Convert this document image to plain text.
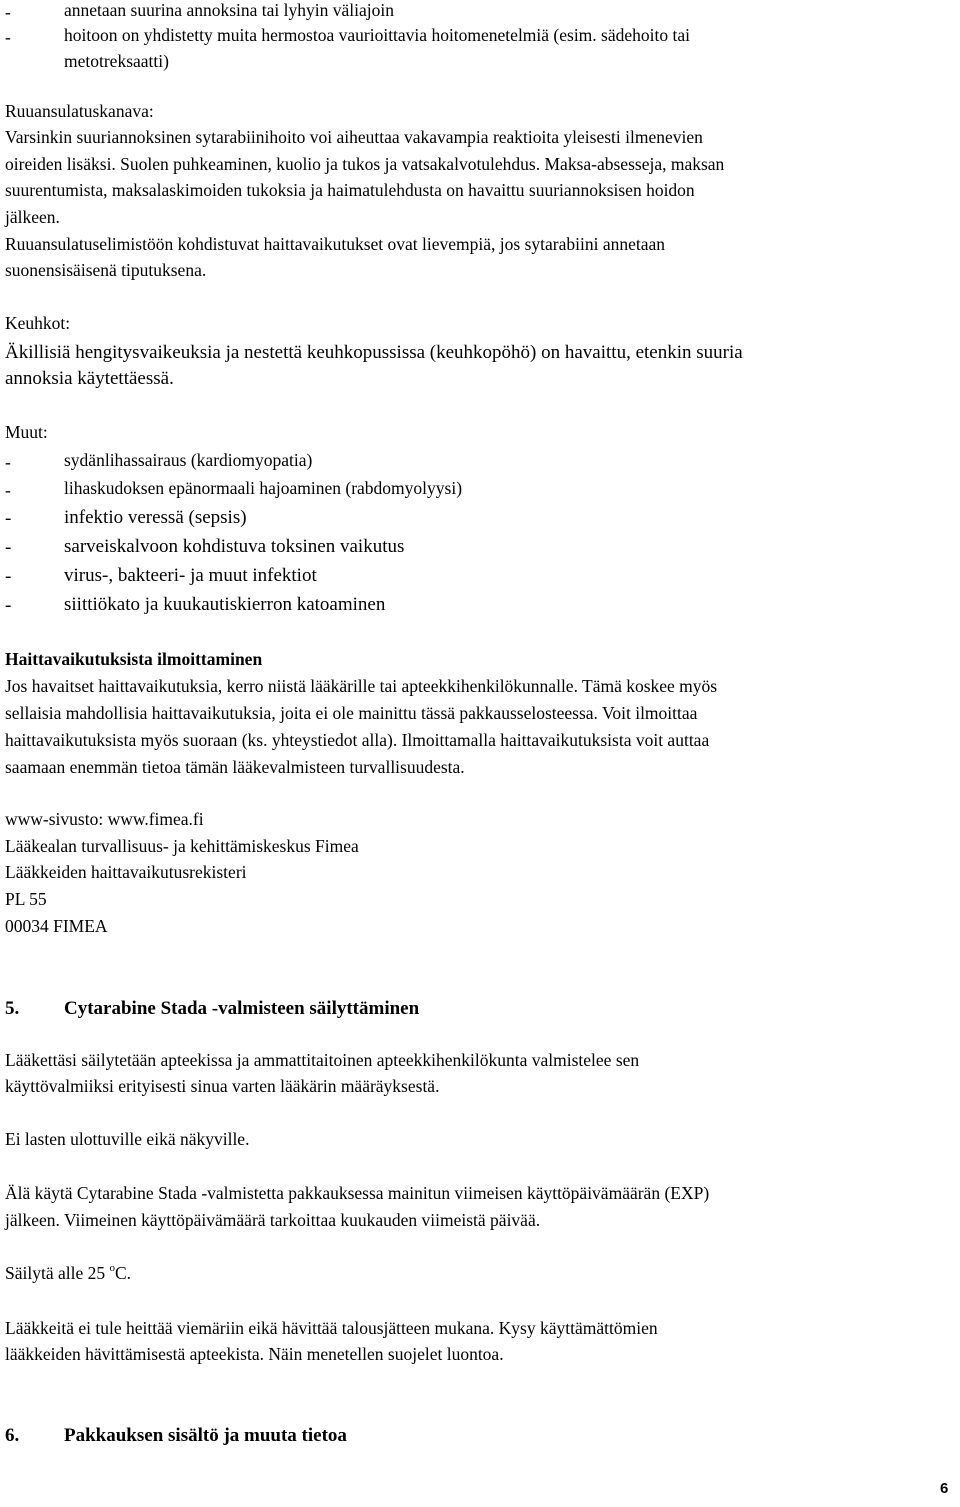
-	annetaan suurina annoksina tai lyhyin väliajoin
-	hoitoon on yhdistetty muita hermostoa vaurioittavia hoitomenetelmiä (esim. sädehoito tai
metotreksaatti)

Ruuansulatuskanava:

Varsinkin suuriannoksinen sytarabiinihoito voi aiheuttaa vakavampia reaktioita yleisesti ilmenevien

oireiden lisäksi. Suolen puhkeaminen, kuolio ja tukos ja vatsakalvotulehdus. Maksa-absesseja, maksan

suurentumista, maksalaskimoiden tukoksia ja haimatulehdusta on havaittu suuriannoksisen hoidon

jälkeen.

Ruuansulatuselimistöön kohdistuvat haittavaikutukset ovat lievempiä, jos sytarabiini annetaan

suonensisäisenä tiputuksena.

Keuhkot:

Äkillisiä hengitysvaikeuksia ja nestettä keuhkopussissa (keuhkopöhö) on havaittu, etenkin suuria

annoksia käytettäessä.

Muut:

-	sydänlihassairaus (kardiomyopatia)
-	lihaskudoksen epänormaali hajoaminen (rabdomyolyysi)
-	infektio veressä (sepsis)
-	sarveiskalvoon kohdistuva toksinen vaikutus
-	virus-, bakteeri- ja muut infektiot
-	siittiökato ja kuukautiskierron katoaminen

Haittavaikutuksista ilmoittaminen

Jos havaitset haittavaikutuksia, kerro niistä lääkärille tai apteekkihenkilökunnalle. Tämä koskee myös

sellaisia mahdollisia haittavaikutuksia, joita ei ole mainittu tässä pakkausselosteessa. Voit ilmoittaa

haittavaikutuksista myös suoraan (ks. yhteystiedot alla). Ilmoittamalla haittavaikutuksista voit auttaa

saamaan enemmän tietoa tämän lääkevalmisteen turvallisuudesta.

www-sivusto: www.fimea.fi

Lääkealan turvallisuus- ja kehittämiskeskus Fimea

Lääkkeiden haittavaikutusrekisteri

PL 55

00034 FIMEA

5. Cytarabine Stada -valmisteen säilyttäminen

Lääkettäsi säilytetään apteekissa ja ammattitaitoinen apteekkihenkilökunta valmistelee sen

käyttövalmiiksi erityisesti sinua varten lääkärin määräyksestä.

Ei lasten ulottuville eikä näkyville.

Älä käytä Cytarabine Stada -valmistetta pakkauksessa mainitun viimeisen käyttöpäivämäärän (EXP)

jälkeen. Viimeinen käyttöpäivämäärä tarkoittaa kuukauden viimeistä päivää.

Säilytä alle 25 $^o$C.

Lääkkeitä ei tule heittää viemäriin eikä hävittää talousjätteen mukana. Kysy käyttämättömien

lääkkeiden hävittämisestä apteekista. Näin menetellen suojelet luontoa.

6. Pakkauksen sisältö ja muuta tietoa
6
